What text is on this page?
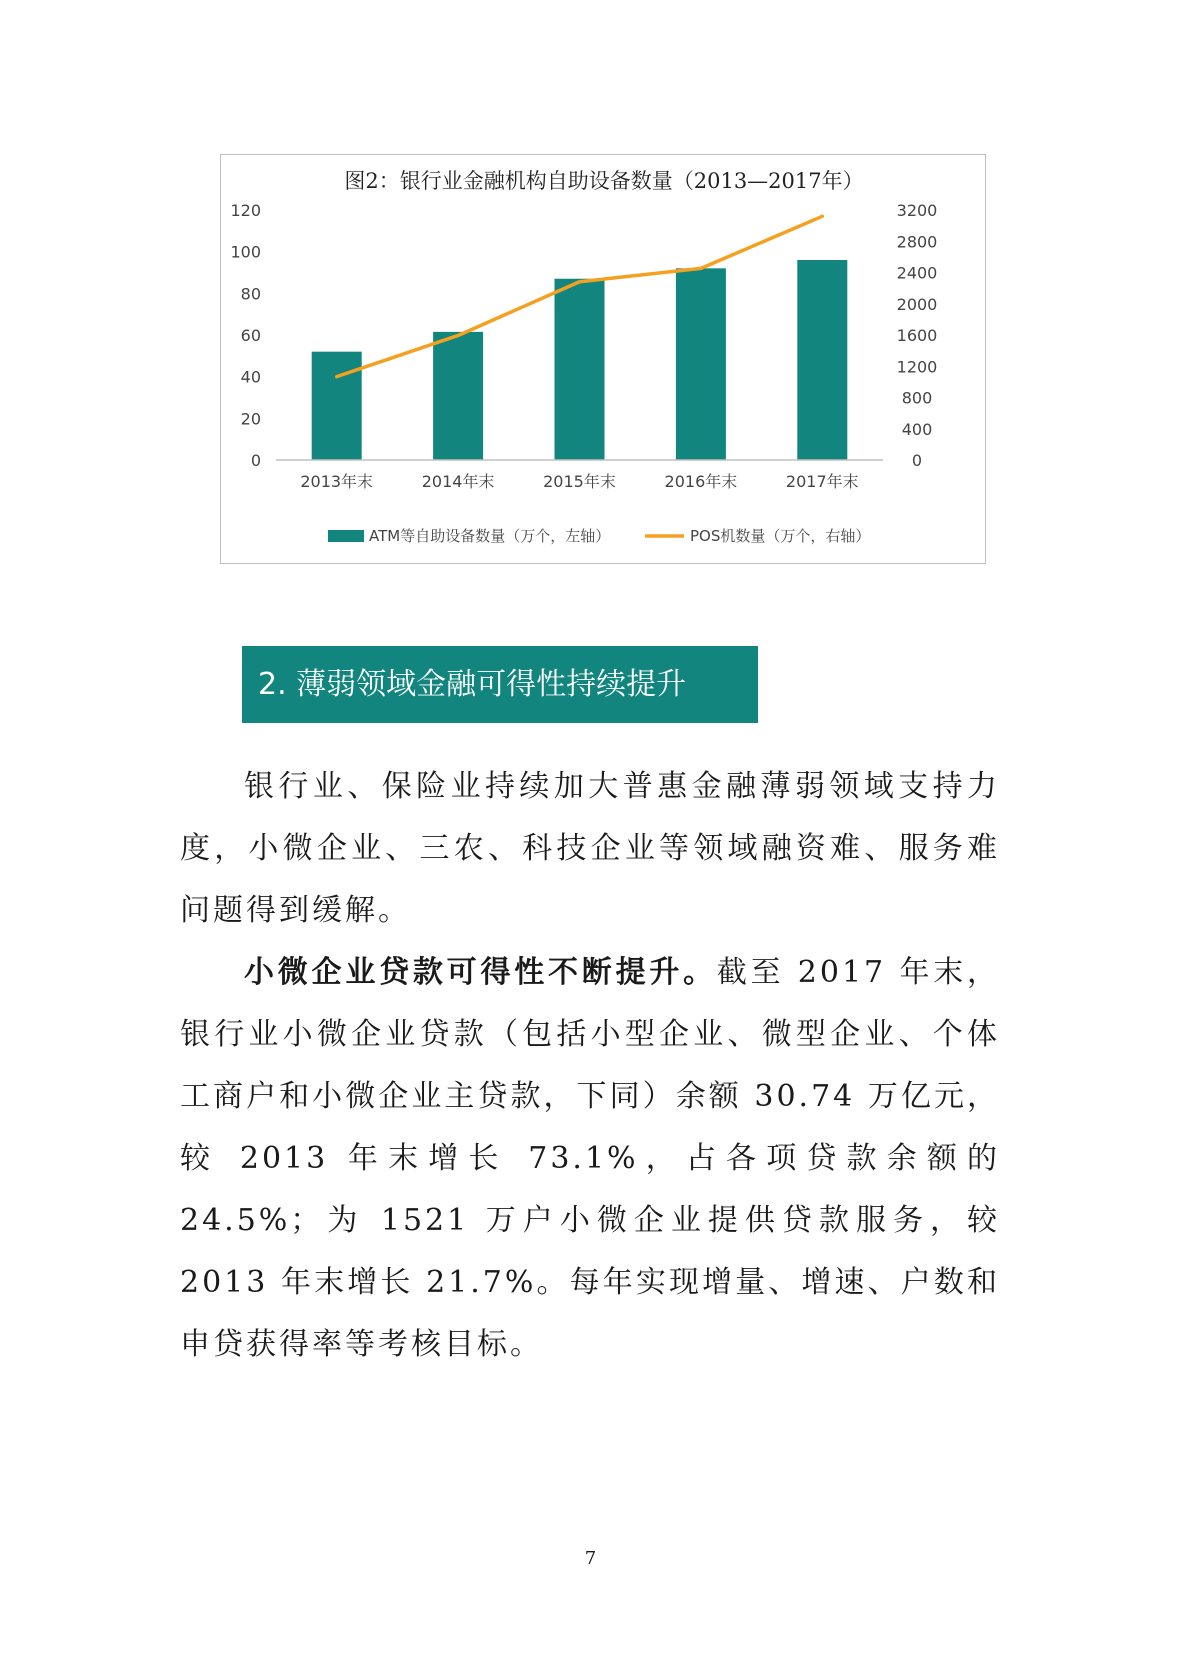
图2：银行业金融机构自助设备数量（2013—2017年）
0
20
40
60
80
100
120
0
400
800
1200
1600
2000
2400
2800
3200
2013年末	2014年末	2015年末	2016年末	2017年末
ATM等自助设备数量（万个，左轴）	POS机数量（万个，右轴）
2. 薄弱领域金融可得性持续提升

银行业、保险业持续加大普惠金融薄弱领域支持力度，小微企业、三农、科技企业等领域融资难、服务难问题得到缓解。

小微企业贷款可得性不断提升。截至 2017 年末，银行业小微企业贷款（包括小型企业、微型企业、个体工商户和小微企业主贷款，下同）余额 30.74 万亿元，较 2013 年末增长 73.1%，占各项贷款余额的 24.5%；为 1521 万户小微企业提供贷款服务，较 2013 年末增长 21.7%。每年实现增量、增速、户数和申贷获得率等考核目标。

7
